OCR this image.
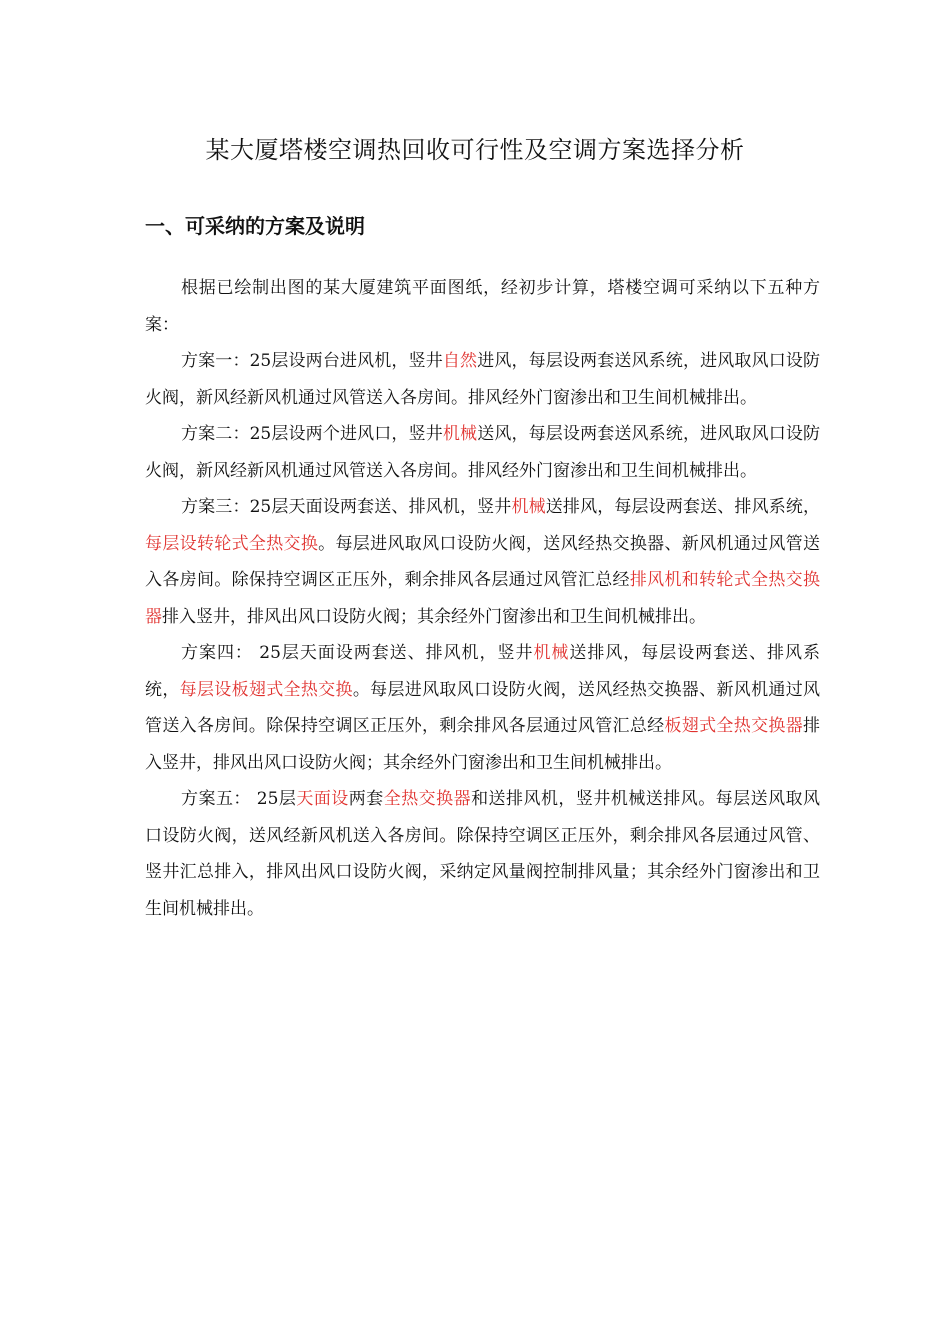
某大厦塔楼空调热回收可行性及空调方案选择分析
一、可采纳的方案及说明

根据已绘制出图的某大厦建筑平面图纸，经初步计算，塔楼空调可采纳以下五种方案：

方案一：25层设两台进风机，竖井自然进风，每层设两套送风系统，进风取风口设防火阀，新风经新风机通过风管送入各房间。排风经外门窗渗出和卫生间机械排出。

方案二：25层设两个进风口，竖井机械送风，每层设两套送风系统，进风取风口设防火阀，新风经新风机通过风管送入各房间。排风经外门窗渗出和卫生间机械排出。

方案三：25层天面设两套送、排风机，竖井机械送排风，每层设两套送、排风系统，每层设转轮式全热交换。每层进风取风口设防火阀，送风经热交换器、新风机通过风管送入各房间。除保持空调区正压外，剩余排风各层通过风管汇总经排风机和转轮式全热交换器排入竖井，排风出风口设防火阀；其余经外门窗渗出和卫生间机械排出。

方案四： 25层天面设两套送、排风机，竖井机械送排风，每层设两套送、排风系统，每层设板翅式全热交换。每层进风取风口设防火阀，送风经热交换器、新风机通过风管送入各房间。除保持空调区正压外，剩余排风各层通过风管汇总经板翅式全热交换器排入竖井，排风出风口设防火阀；其余经外门窗渗出和卫生间机械排出。

方案五： 25层天面设两套全热交换器和送排风机，竖井机械送排风。每层送风取风口设防火阀，送风经新风机送入各房间。除保持空调区正压外，剩余排风各层通过风管、竖井汇总排入，排风出风口设防火阀，采纳定风量阀控制排风量；其余经外门窗渗出和卫生间机械排出。
